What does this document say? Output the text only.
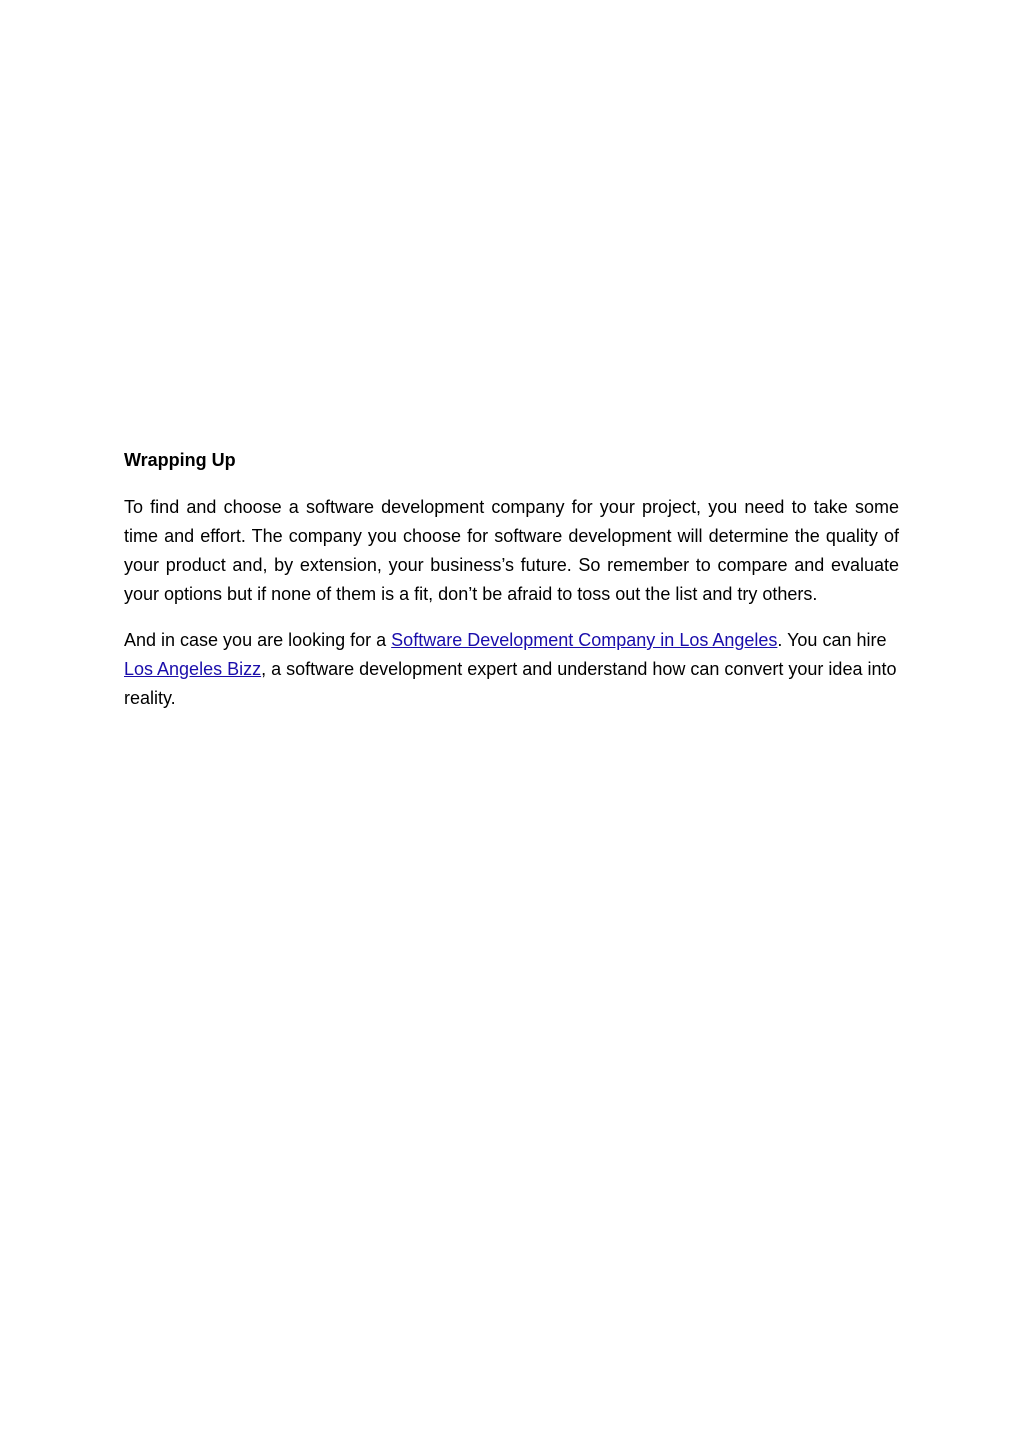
Wrapping Up

To find and choose a software development company for your project, you need to take some time and effort. The company you choose for software development will determine the quality of your product and, by extension, your business’s future. So remember to compare and evaluate your options but if none of them is a fit, don’t be afraid to toss out the list and try others.

And in case you are looking for a Software Development Company in Los Angeles. You can hire Los Angeles Bizz, a software development expert and understand how can convert your idea into reality.
